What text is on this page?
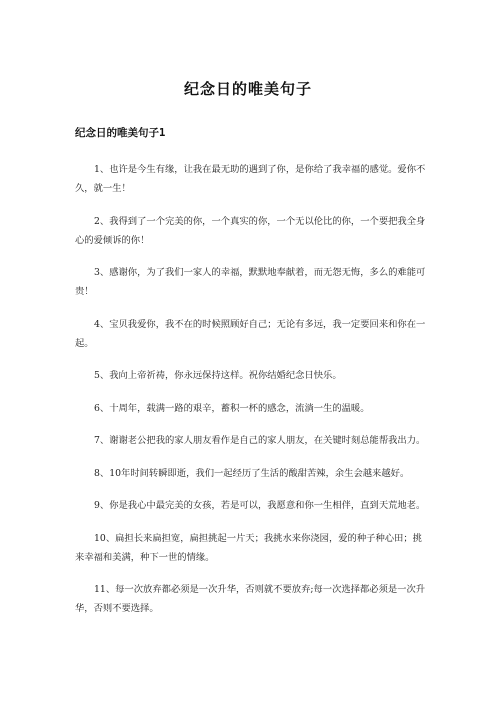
纪念日的唯美句子
纪念日的唯美句子1
1、也许是今生有缘，让我在最无助的遇到了你，是你给了我幸福的感觉。爱你不久，就一生！
2、我得到了一个完美的你，一个真实的你，一个无以伦比的你，一个要把我全身心的爱倾诉的你！
3、感谢你，为了我们一家人的幸福，默默地奉献着，而无怨无悔，多么的难能可贵！
4、宝贝我爱你，我不在的时候照顾好自己；无论有多远，我一定要回来和你在一起。
5、我向上帝祈祷，你永远保持这样。祝你结婚纪念日快乐。
6、十周年，载满一路的艰辛，蓄积一杯的感念，流淌一生的温暖。
7、谢谢老公把我的家人朋友看作是自己的家人朋友，在关键时刻总能帮我出力。
8、10年时间转瞬即逝，我们一起经历了生活的酸甜苦辣，余生会越来越好。
9、你是我心中最完美的女孩，若是可以，我愿意和你一生相伴，直到天荒地老。
10、扁担长来扁担宽，扁担挑起一片天；我挑水来你浇园，爱的种子种心田；挑来幸福和美满，种下一世的情缘。
11、每一次放弃都必须是一次升华，否则就不要放弃;每一次选择都必须是一次升华，否则不要选择。
